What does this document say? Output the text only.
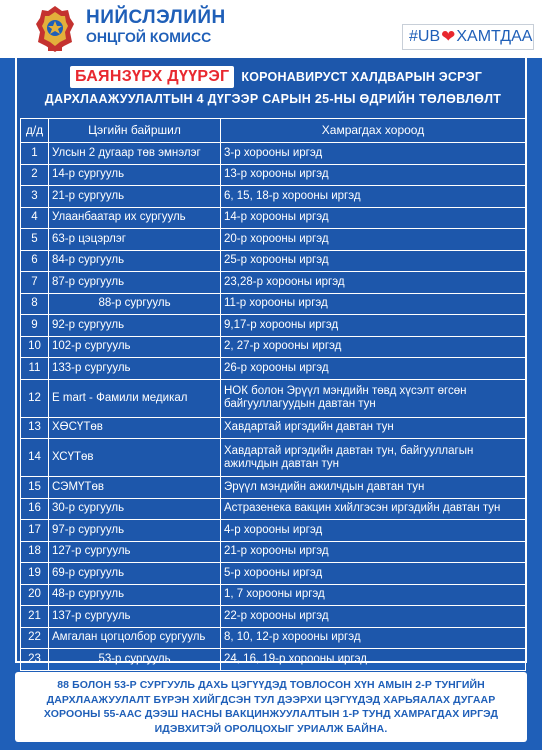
НИЙСЛЭЛИЙН
ОНЦГОЙ КОМИСС	#UB ❤ ХАМТДАА
БАЯНЗҮРХ ДҮҮРЭГ КОРОНАВИРУСТ ХАЛДВАРЫН ЭСРЭГ
ДАРХЛААЖУУЛАЛТЫН 4 ДҮГЭЭР САРЫН 25-НЫ ӨДРИЙН ТӨЛӨВЛӨЛТ
д/д	Цэгийн байршил	Хамрагдах хороод
1	Улсын 2 дугаар төв эмнэлэг	3-р хорооны иргэд
2	14-р сургууль	13-р хорооны иргэд
3	21-р сургууль	6, 15, 18-р хорооны иргэд
4	Улаанбаатар их сургууль	14-р хорооны иргэд
5	63-р цэцэрлэг	20-р хорооны иргэд
6	84-р сургууль	25-р хорооны иргэд
7	87-р сургууль	23,28-р хорооны иргэд
8	88-р сургууль	11-р хорооны иргэд
9	92-р сургууль	9,17-р хорооны иргэд
10	102-р сургууль	2, 27-р хорооны иргэд
11	133-р сургууль	26-р хорооны иргэд
12	E mart - Фамили медикал	НОК болон Эрүүл мэндийн төвд хүсэлт өгсөн байгууллагуудын давтан тун
13	ХӨСҮТөв	Хавдартай иргэдийн давтан тун
14	ХСҮТөв	Хавдартай иргэдийн давтан тун, байгууллагын ажилчдын давтан тун
15	СЭМҮТөв	Эрүүл мэндийн ажилчдын давтан тун
16	30-р сургууль	Астразенека вакцин хийлгэсэн иргэдийн давтан тун
17	97-р сургууль	4-р хорооны иргэд
18	127-р сургууль	21-р хорооны иргэд
19	69-р сургууль	5-р хорооны иргэд
20	48-р сургууль	1, 7 хорооны иргэд
21	137-р сургууль	22-р хорооны иргэд
22	Амгалан цогцолбор сургууль	8, 10, 12-р хорооны иргэд
23	53-р сургууль	24, 16, 19-р хорооны иргэд
88 БОЛОН 53-Р СУРГУУЛЬ ДАХЬ ЦЭГҮҮДЭД ТОВЛОСОН ХҮН АМЫН 2-Р ТУНГИЙН ДАРХЛААЖУУЛАЛТ БҮРЭН ХИЙГДСЭН ТУЛ ДЭЭРХИ ЦЭГҮҮДЭД ХАРЬЯАЛАХ ДУГААР ХОРООНЫ 55-ААС ДЭЭШ НАСНЫ ВАКЦИНЖУУЛАЛТЫН 1-Р ТУНД ХАМРАГДАХ ИРГЭД ИДЭВХИТЭЙ ОРОЛЦОХЫГ УРИАЛЖ БАЙНА.
